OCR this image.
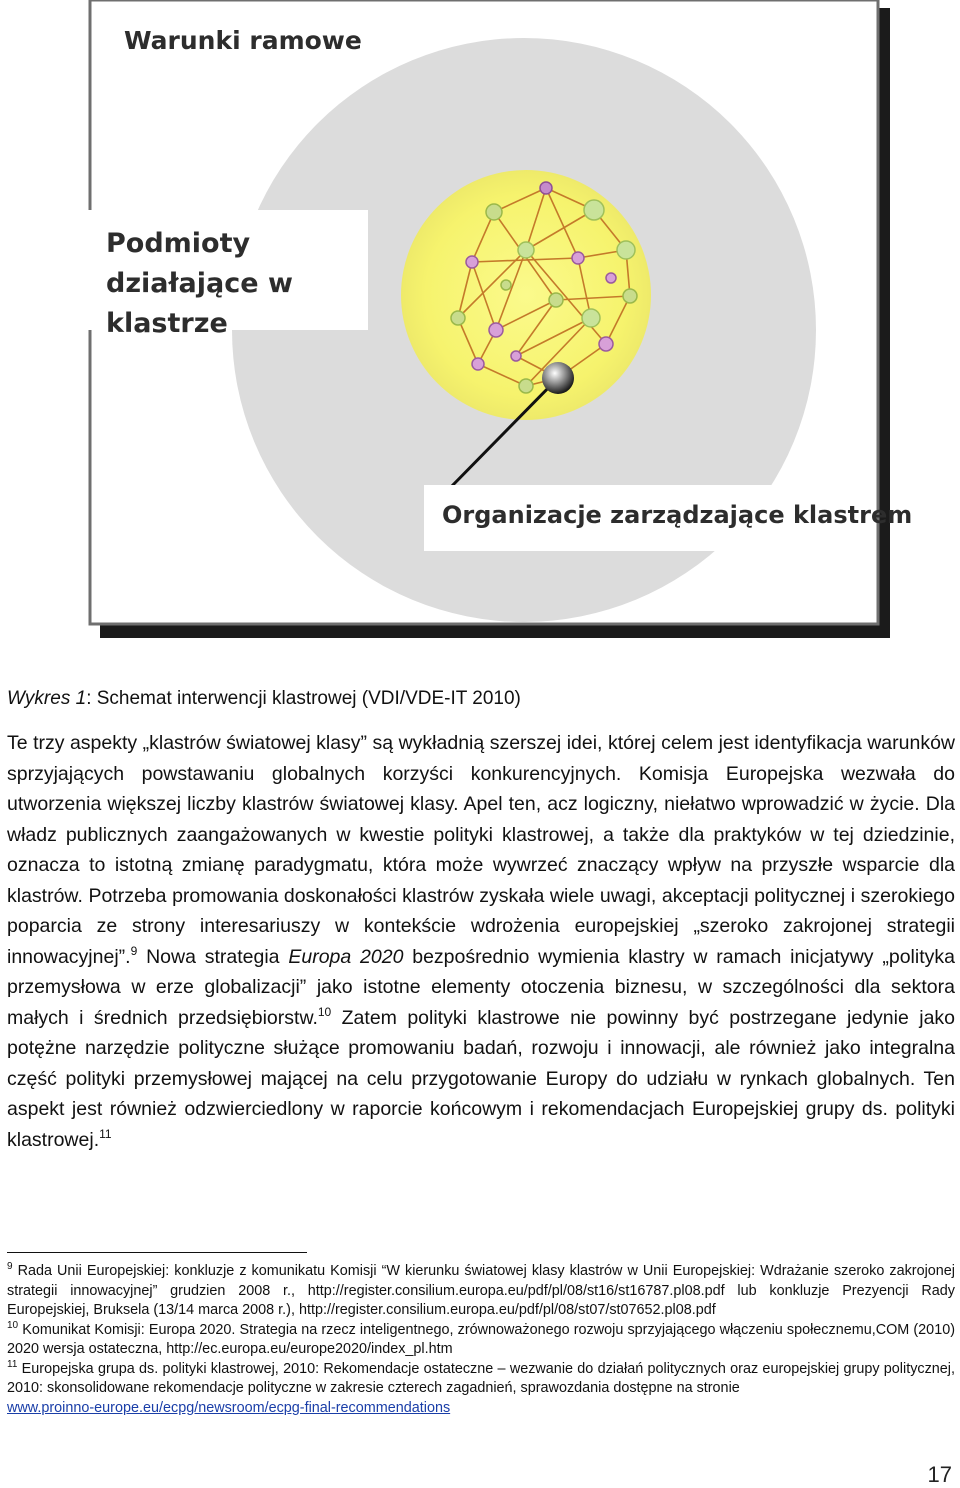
Warunki ramowe
Podmioty działające w
klastrze
Organizacje zarządzające klastrem
Wykres 1: Schemat interwencji klastrowej (VDI/VDE-IT 2010)
Te trzy aspekty „klastrów światowej klasy” są wykładnią szerszej idei, której celem jest identyfikacja warunków sprzyjających powstawaniu globalnych korzyści konkurencyjnych. Komisja Europejska wezwała do utworzenia większej liczby klastrów światowej klasy. Apel ten, acz logiczny, niełatwo wprowadzić w życie. Dla władz publicznych zaangażowanych w kwestie polityki klastrowej, a także dla praktyków w tej dziedzinie, oznacza to istotną zmianę paradygmatu, która może wywrzeć znaczący wpływ na przyszłe wsparcie dla klastrów. Potrzeba promowania doskonałości klastrów zyskała wiele uwagi, akceptacji politycznej i szerokiego poparcia ze strony interesariuszy w kontekście wdrożenia europejskiej „szeroko zakrojonej strategii innowacyjnej”.$^9$ Nowa strategia Europa 2020 bezpośrednio wymienia klastry w ramach inicjatywy „polityka przemysłowa w erze globalizacji” jako istotne elementy otoczenia biznesu, w szczególności dla sektora małych i średnich przedsiębiorstw.$^{10}$ Zatem polityki klastrowe nie powinny być postrzegane jedynie jako potężne narzędzie polityczne służące promowaniu badań, rozwoju i innowacji, ale również jako integralna część polityki przemysłowej mającej na celu przygotowanie Europy do udziału w rynkach globalnych. Ten aspekt jest również odzwierciedlony w raporcie końcowym i rekomendacjach Europejskiej grupy ds. polityki klastrowej.$^{11}$

$^9$ Rada Unii Europejskiej: konkluzje z komunikatu Komisji “W kierunku światowej klasy klastrów w Unii Europejskiej: Wdrażanie szeroko zakrojonej strategii innowacyjnej” grudzien 2008 r., http://register.consilium.europa.eu/pdf/pl/08/st16/st16787.pl08.pdf lub konkluzje Prezyencji Rady Europejskiej, Bruksela (13/14 marca 2008 r.), http://register.consilium.europa.eu/pdf/pl/08/st07/st07652.pl08.pdf

$^{10}$ Komunikat Komisji: Europa 2020. Strategia na rzecz inteligentnego, zrównoważonego rozwoju sprzyjającego włączeniu społecznemu,COM (2010) 2020 wersja ostateczna, http://ec.europa.eu/europe2020/index_pl.htm

$^{11}$ Europejska grupa ds. polityki klastrowej, 2010: Rekomendacje ostateczne – wezwanie do działań politycznych oraz europejskiej grupy politycznej, 2010: skonsolidowane rekomendacje polityczne w zakresie czterech zagadnień, sprawozdania dostępne na stronie
www.proinno-europe.eu/ecpg/newsroom/ecpg-final-recommendations

17
